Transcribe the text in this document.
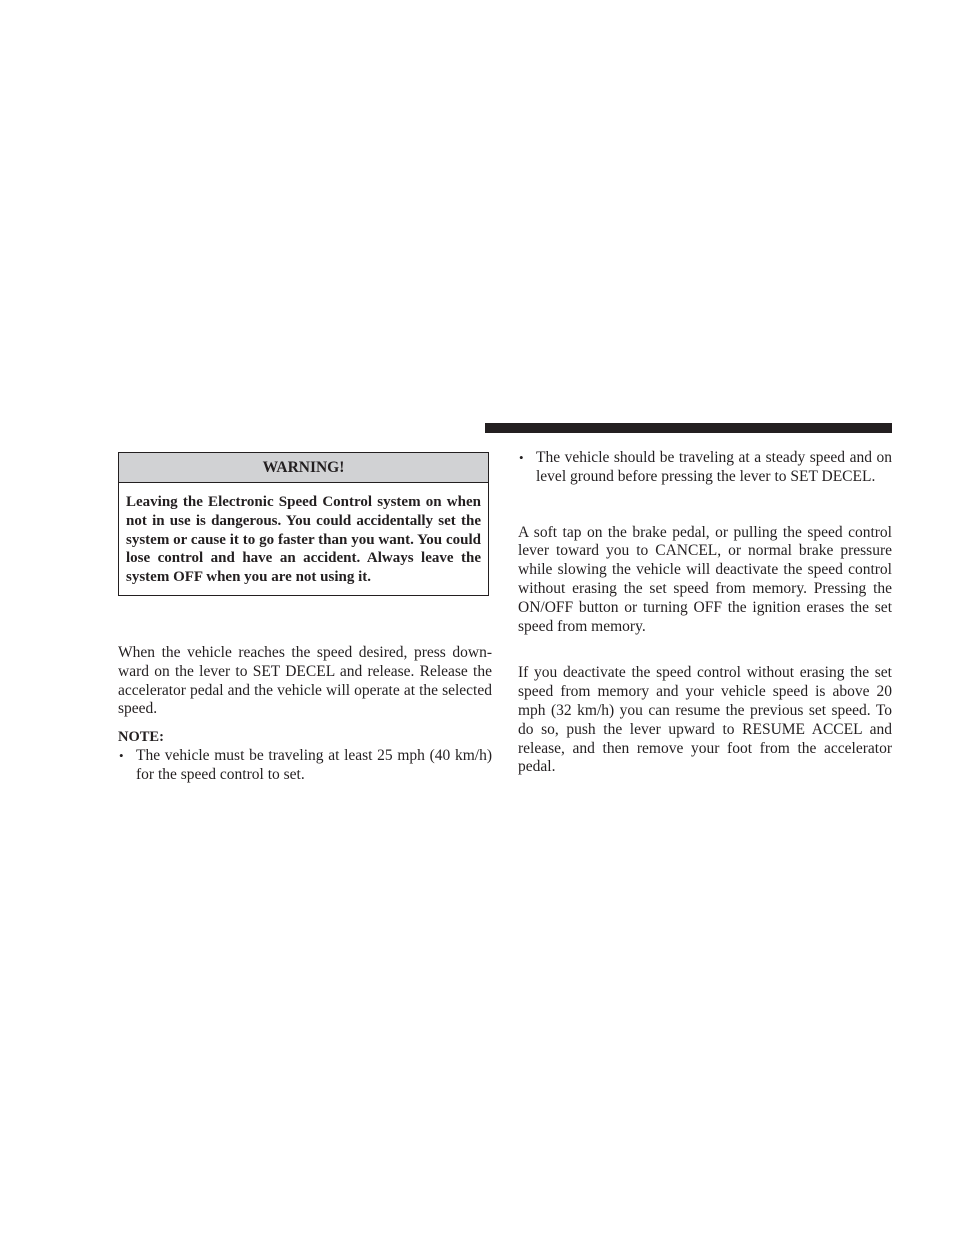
WARNING!
Leaving the Electronic Speed Control system on when not in use is dangerous. You could accidentally set the system or cause it to go faster than you want. You could lose control and have an accident. Always leave the system OFF when you are not using it.

When the vehicle reaches the speed desired, press downward on the lever to SET DECEL and release. Release the accelerator pedal and the vehicle will operate at the selected speed.

NOTE:
• The vehicle must be traveling at least 25 mph (40 km/h) for the speed control to set.
• The vehicle should be traveling at a steady speed and on level ground before pressing the lever to SET DECEL.

A soft tap on the brake pedal, or pulling the speed control lever toward you to CANCEL, or normal brake pressure while slowing the vehicle will deactivate the speed control without erasing the set speed from memory. Pressing the ON/OFF button or turning OFF the ignition erases the set speed from memory.

If you deactivate the speed control without erasing the set speed from memory and your vehicle speed is above 20 mph (32 km/h) you can resume the previous set speed. To do so, push the lever upward to RESUME ACCEL and release, and then remove your foot from the accelerator pedal.
